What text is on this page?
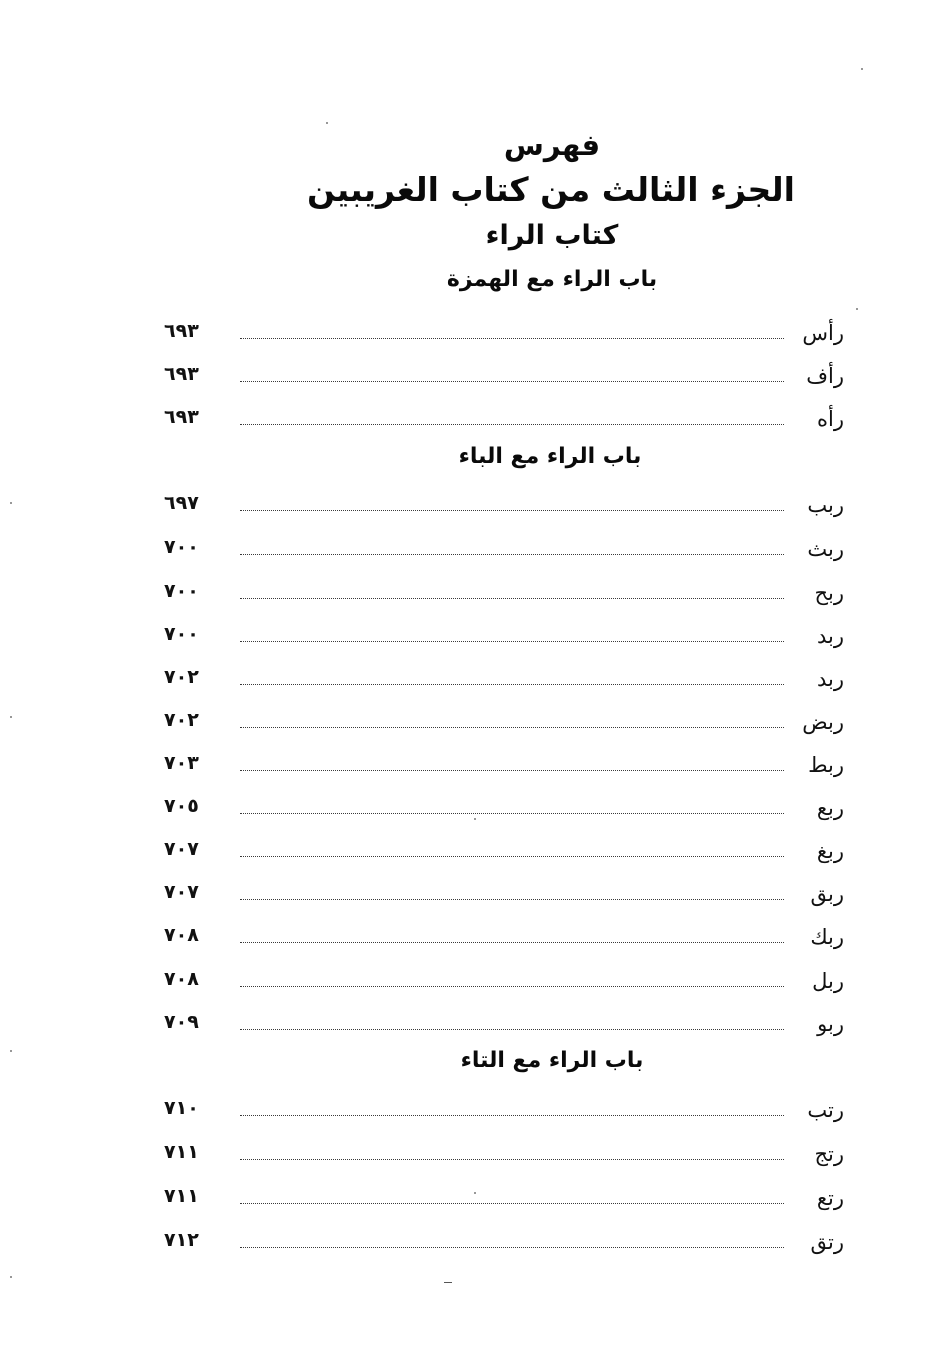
فهرس
الجزء الثالث من كتاب الغريبين
كتاب الراء
باب الراء مع الهمزة
رأس
٦٩٣
رأف
٦٩٣
رأه
٦٩٣
باب الراء مع الباء
ربب
٦٩٧
ربث
٧٠٠
ربح
٧٠٠
ربد
٧٠٠
ربد
٧٠٢
ربض
٧٠٢
ربط
٧٠٣
ربع
٧٠٥
ربغ
٧٠٧
ربق
٧٠٧
ربك
٧٠٨
ربل
٧٠٨
ربو
٧٠٩
باب الراء مع التاء
رتب
٧١٠
رتج
٧١١
رتع
٧١١
رتق
٧١٢
